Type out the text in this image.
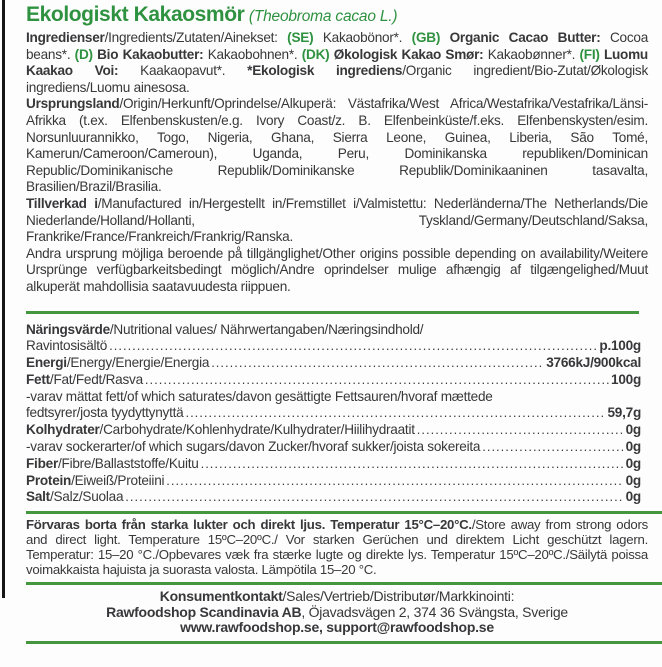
Ekologiskt Kakaosmör (Theobroma cacao L.)

Ingredienser/Ingredients/Zutaten/Ainekset: (SE) Kakaobönor*. (GB) Organic Cacao Butter: Cocoa beans*. (D) Bio Kakaobutter: Kakaobohnen*. (DK) Økologisk Kakao Smør: Kakaobønner*. (FI) Luomu Kaakao Voi: Kaakaopavut*. *Ekologisk ingrediens/Organic ingredient/Bio-Zutat/Økologisk ingrediens/Luomu ainesosa.

Ursprungsland/Origin/Herkunft/Oprindelse/Alkuperä: Västafrika/West Africa/Westafrika/Vestafrika/Länsi-Afrikka (t.ex. Elfenbenskusten/e.g. Ivory Coast/z. B. Elfenbeinküste/f.eks. Elfenbenskysten/esim. Norsunluurannikko, Togo, Nigeria, Ghana, Sierra Leone, Guinea, Liberia, São Tomé, Kamerun/Cameroon/Cameroun), Uganda, Peru, Dominikanska republiken/Dominican Republic/Dominikanische Republik/Dominikanske Republik/Dominikaaninen tasavalta, Brasilien/Brazil/Brasilia.

Tillverkad i/Manufactured in/Hergestellt in/Fremstillet i/Valmistettu: Nederländerna/The Netherlands/Die Niederlande/Holland/Hollanti, Tyskland/Germany/Deutschland/Saksa, Frankrike/France/Frankreich/Frankrig/Ranska.

Andra ursprung möjliga beroende på tillgänglighet/Other origins possible depending on availability/Weitere Ursprünge verfügbarkeitsbedingt möglich/Andre oprindelser mulige afhængig af tilgængelighed/Muut alkuperät mahdollisia saatavuudesta riippuen.

Näringsvärde/Nutritional values/ Nährwertangaben/Næringsindhold/
Ravintosisältö .....	p.100g
Energi/Energy/Energie/Energia .....	3766kJ/900kcal
Fett/Fat/Fedt/Rasva .....	100g
-varav mättat fett/of which saturates/davon gesättigte Fettsauren/hvoraf mættede
fedtsyrer/josta tyydyttynyttä .....	59,7g
Kolhydrater/Carbohydrate/Kohlenhydrate/Kulhydrater/Hiilihydraatit .....	0g
-varav sockerarter/of which sugars/davon Zucker/hvoraf sukker/joista sokereita .....	0g
Fiber/Fibre/Ballaststoffe/Kuitu .....	0g
Protein/Eiweiß/Proteiini .....	0g
Salt/Salz/Suolaa .....	0g

Förvaras borta från starka lukter och direkt ljus. Temperatur 15°C–20°C./Store away from strong odors and direct light. Temperature 15ºC–20ºC./ Vor starken Gerüchen und direktem Licht geschützt lagern. Temperatur: 15–20 °C./Opbevares væk fra stærke lugte og direkte lys. Temperatur 15ºC–20ºC./Säilytä poissa voimakkaista hajuista ja suorasta valosta. Lämpötila 15–20 °C.

Konsumentkontakt/Sales/Vertrieb/Distributør/Markkinointi:
Rawfoodshop Scandinavia AB, Öjavadsvägen 2, 374 36 Svängsta, Sverige
www.rawfoodshop.se, support@rawfoodshop.se
